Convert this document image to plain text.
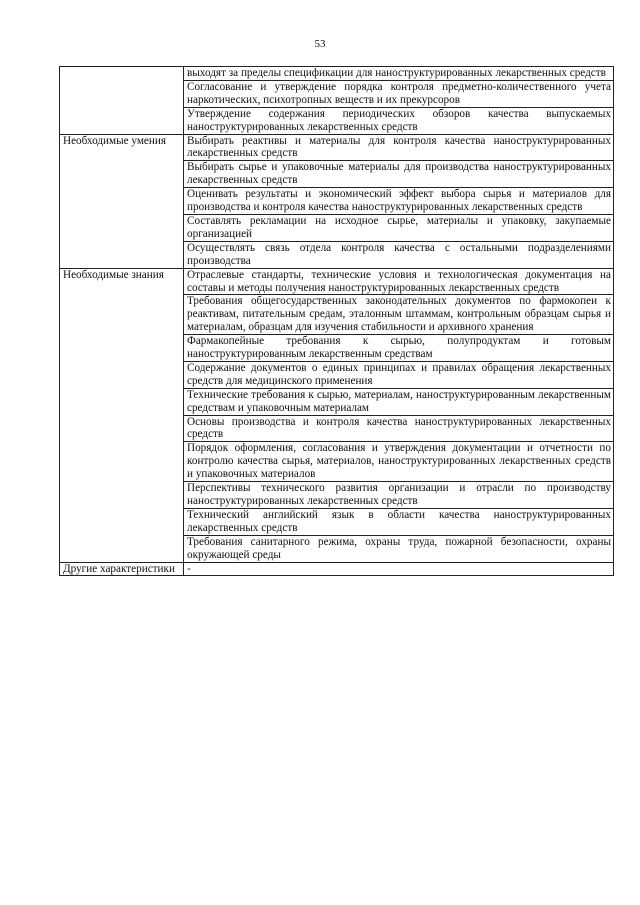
53
	выходят за пределы спецификации для наноструктурированных лекарственных средств
	Согласование и утверждение порядка контроля предметно-количественного учета наркотических, психотропных веществ и их прекурсоров
	Утверждение содержания периодических обзоров качества выпускаемых наноструктурированных лекарственных средств
Необходимые умения	Выбирать реактивы и материалы для контроля качества наноструктурированных лекарственных средств
	Выбирать сырье и упаковочные материалы для производства наноструктурированных лекарственных средств
	Оценивать результаты и экономический эффект выбора сырья и материалов для производства и контроля качества наноструктурированных лекарственных средств
	Составлять рекламации на исходное сырье, материалы и упаковку, закупаемые организацией
	Осуществлять связь отдела контроля качества с остальными подразделениями производства
Необходимые знания	Отраслевые стандарты, технические условия и технологическая документация на составы и методы получения наноструктурированных лекарственных средств
	Требования общегосударственных законодательных документов по фармокопеи к реактивам, питательным средам, эталонным штаммам, контрольным образцам сырья и материалам, образцам для изучения стабильности и архивного хранения
	Фармакопейные требования к сырью, полупродуктам и готовым наноструктурированным лекарственным средствам
	Содержание документов о единых принципах и правилах обращения лекарственных средств для медицинского применения
	Технические требования к сырью, материалам, наноструктурированным лекарственным средствам и упаковочным материалам
	Основы производства и контроля качества наноструктурированных лекарственных средств
	Порядок оформления, согласования и утверждения документации и отчетности по контролю качества сырья, материалов, наноструктурированных лекарственных средств и упаковочных материалов
	Перспективы технического развития организации и отрасли по производству наноструктурированных лекарственных средств
	Технический английский язык в области качества наноструктурированных лекарственных средств
	Требования санитарного режима, охраны труда, пожарной безопасности, охраны окружающей среды
Другие характеристики	-
